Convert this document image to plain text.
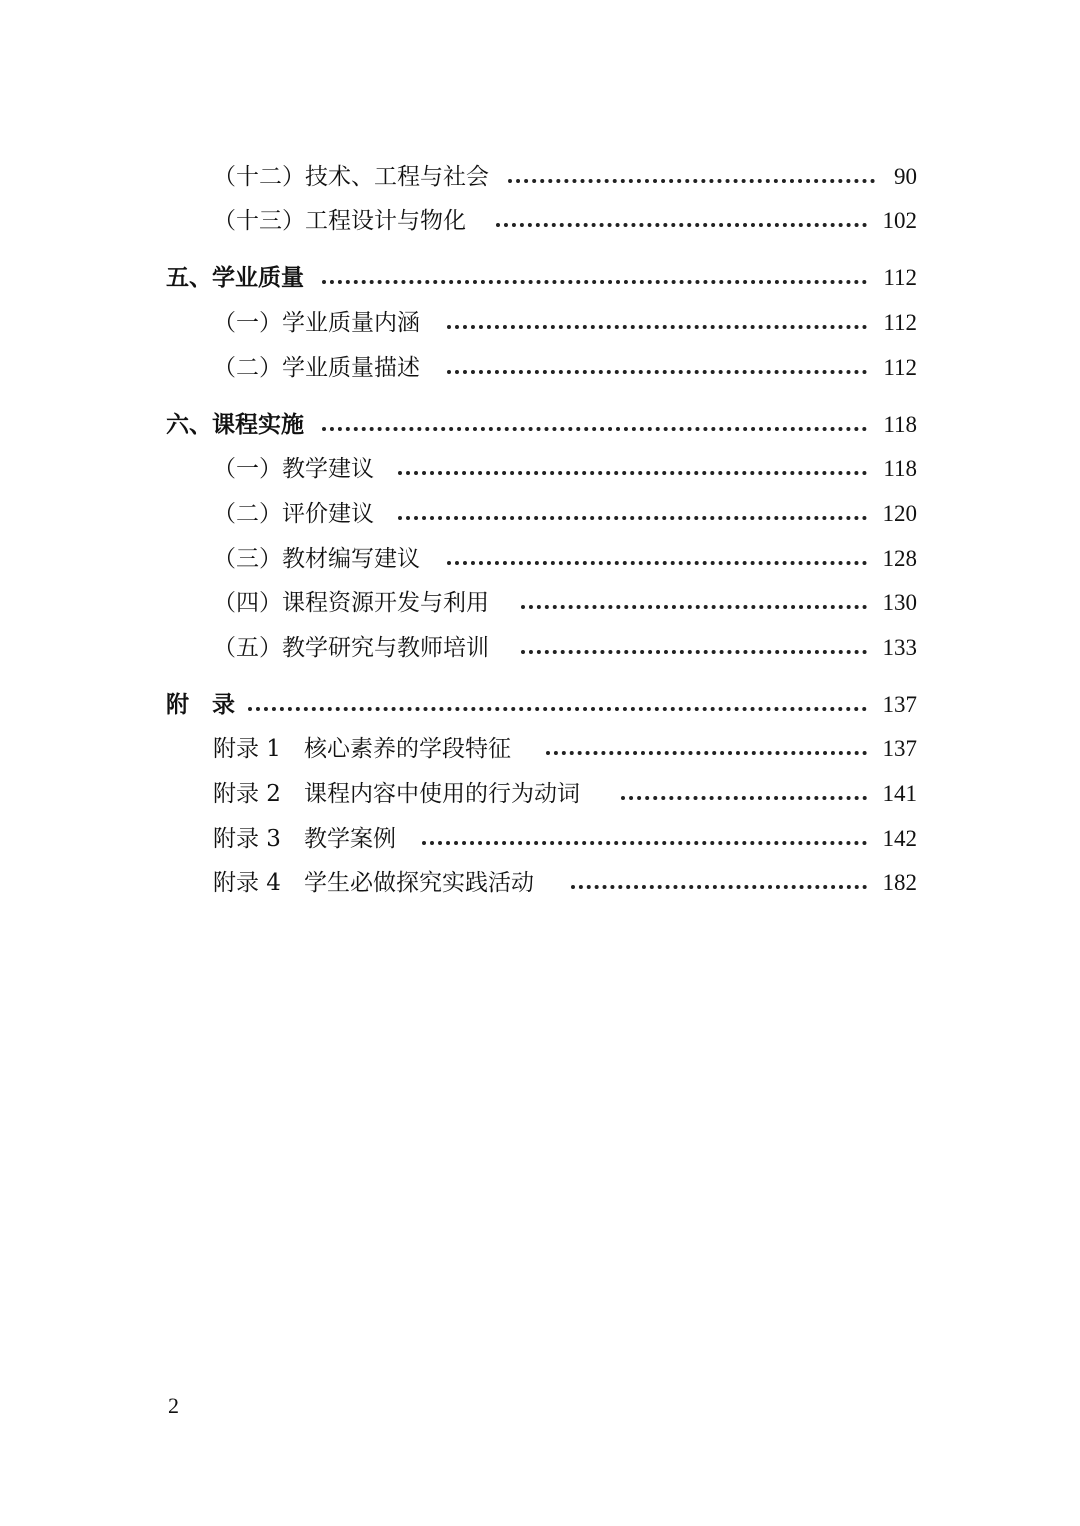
（十二）技术、工程与社会	90
（十三）工程设计与物化	102
五、学业质量	112
（一）学业质量内涵	112
（二）学业质量描述	112
六、课程实施	118
（一）教学建议	118
（二）评价建议	120
（三）教材编写建议	128
（四）课程资源开发与利用	130
（五）教学研究与教师培训	133
附　录	137
附录 1　核心素养的学段特征	137
附录 2　课程内容中使用的行为动词	141
附录 3　教学案例	142
附录 4　学生必做探究实践活动	182
2
